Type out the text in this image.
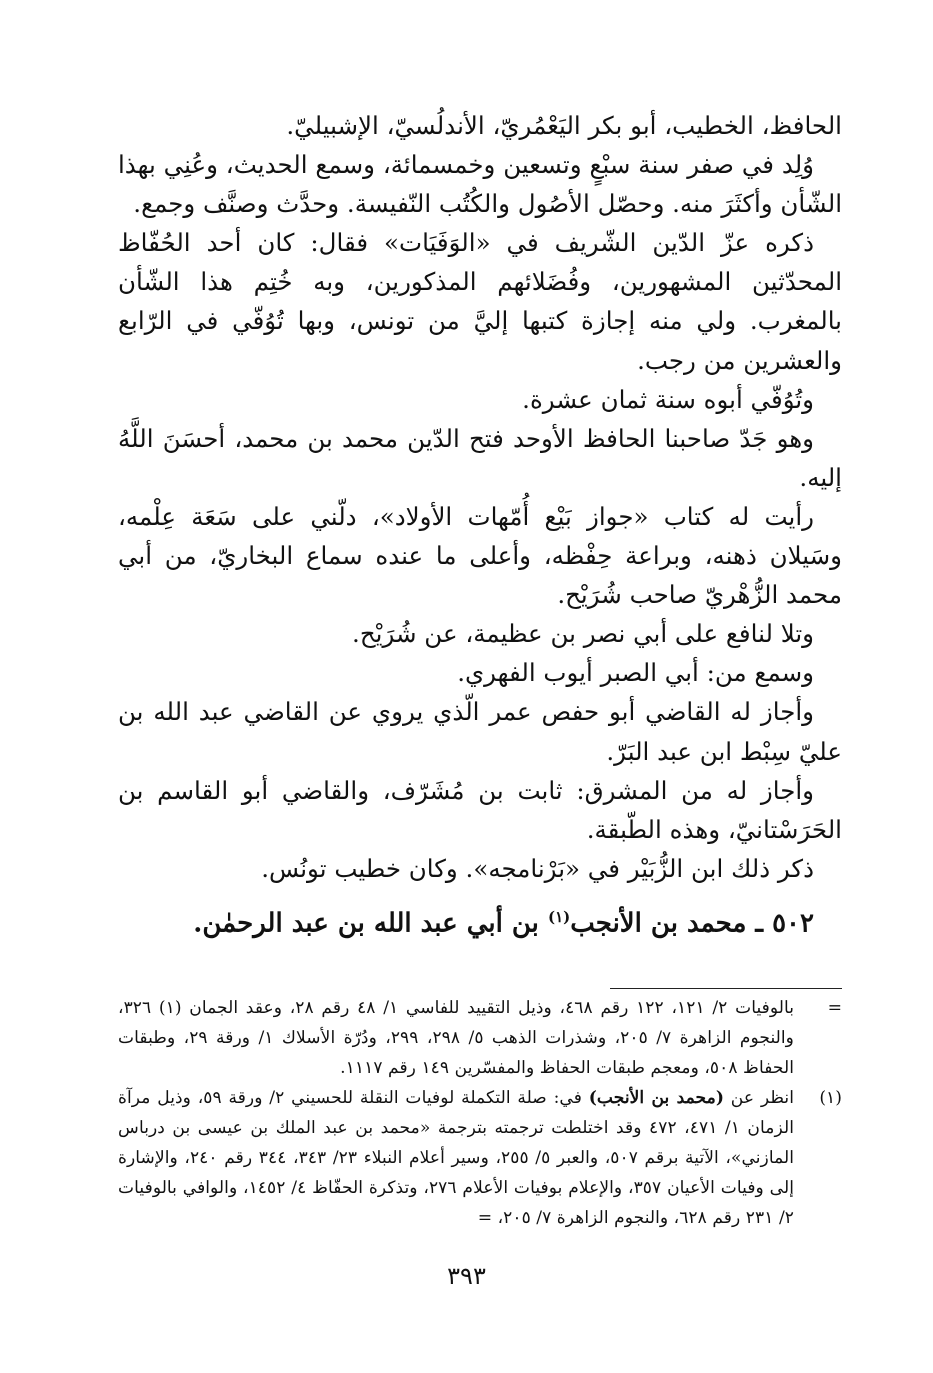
الحافظ، الخطيب، أبو بكر اليَعْمُريّ، الأندلُسيّ، الإشبيليّ.

وُلِد في صفر سنة سبْعٍ وتسعين وخمسمائة، وسمع الحديث، وعُنِي بهذا الشّأن وأكثَرَ منه. وحصّل الأصُول والكُتُب النّفيسة. وحدَّث وصنَّف وجمع.

ذكره عزّ الدّين الشّريف في «الوَفَيَات» فقال: كان أحد الحُفّاظ المحدّثين المشهورين، وفُضَلائهم المذكورين، وبه خُتِم هذا الشّأن بالمغرب. ولي منه إجازة كتبها إليَّ من تونس، وبها تُوُفّي في الرّابع والعشرين من رجب.

وتُوُفّي أبوه سنة ثمان عشرة.

وهو جَدّ صاحبنا الحافظ الأوحد فتح الدّين محمد بن محمد، أحسَنَ اللَّهُ إليه.

رأيت له كتاب «جواز بَيْع أُمّهات الأولاد»، دلّني على سَعَة عِلْمه، وسَيلان ذهنه، وبراعة حِفْظه، وأعلى ما عنده سماع البخاريّ، من أبي محمد الزُّهْريّ صاحب شُرَيْح.

وتلا لنافع على أبي نصر بن عظيمة، عن شُرَيْح.

وسمع من: أبي الصبر أيوب الفهري.

وأجاز له القاضي أبو حفص عمر الّذي يروي عن القاضي عبد الله بن عليّ سِبْط ابن عبد البَرّ.

وأجاز له من المشرق: ثابت بن مُشَرّف، والقاضي أبو القاسم بن الحَرَسْتانيّ، وهذه الطّبقة.

ذكر ذلك ابن الزُّبَيْر في «بَرْنامجه». وكان خطيب تونُس.

٥٠٢ ـ محمد بن الأنجب$^{(١)}$ بن أبي عبد الله بن عبد الرحمٰن.

=
بالوفيات ٢/ ١٢١، ١٢٢ رقم ٤٦٨، وذيل التقييد للفاسي ١/ ٤٨ رقم ٢٨، وعقد الجمان (١) ٣٢٦، والنجوم الزاهرة ٧/ ٢٠٥، وشذرات الذهب ٥/ ٢٩٨، ٢٩٩، ودُرّة الأسلاك ١/ ورقة ٢٩، وطبقات الحفاظ ٥٠٨، ومعجم طبقات الحفاظ والمفسّرين ١٤٩ رقم ١١١٧.
(١)
انظر عن (محمد بن الأنجب) في: صلة التكملة لوفيات النقلة للحسيني ٢/ ورقة ٥٩، وذيل مرآة الزمان ١/ ٤٧١، ٤٧٢ وقد اختلطت ترجمته بترجمة «محمد بن عبد الملك بن عيسى بن درباس المازني»، الآتية برقم ٥٠٧، والعبر ٥/ ٢٥٥، وسير أعلام النبلاء ٢٣/ ٣٤٣، ٣٤٤ رقم ٢٤٠، والإشارة إلى وفيات الأعيان ٣٥٧، والإعلام بوفيات الأعلام ٢٧٦، وتذكرة الحفّاظ ٤/ ١٤٥٢، والوافي بالوفيات ٢/ ٢٣١ رقم ٦٢٨، والنجوم الزاهرة ٧/ ٢٠٥، =
٣٩٣
